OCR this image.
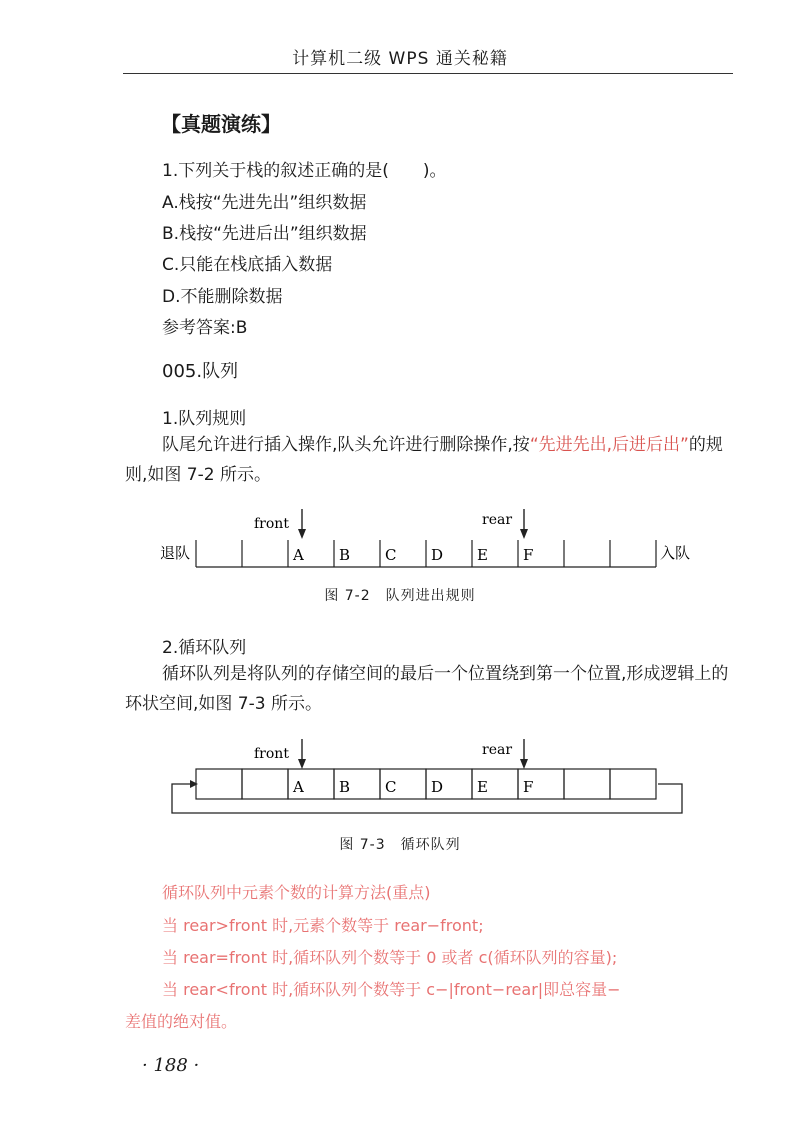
计算机二级 WPS 通关秘籍
【真题演练】
1.下列关于栈的叙述正确的是(　　)。
A.栈按“先进先出”组织数据
B.栈按“先进后出”组织数据
C.只能在栈底插入数据
D.不能删除数据
参考答案:B
005.队列
1.队列规则
队尾允许进行插入操作,队头允许进行删除操作,按“先进先出,后进后出”的规则,如图 7-2 所示。
front	rear
退队	入队
A B C D E F
图 7-2　队列进出规则
2.循环队列
循环队列是将队列的存储空间的最后一个位置绕到第一个位置,形成逻辑上的环状空间,如图 7-3 所示。
front	rear
A B C D E F
图 7-3　循环队列
循环队列中元素个数的计算方法(重点)
当 rear>front 时,元素个数等于 rear−front;
当 rear=front 时,循环队列个数等于 0 或者 c(循环队列的容量);
当 rear<front 时,循环队列个数等于 c−|front−rear|即总容量−
差值的绝对值。
· 188 ·
